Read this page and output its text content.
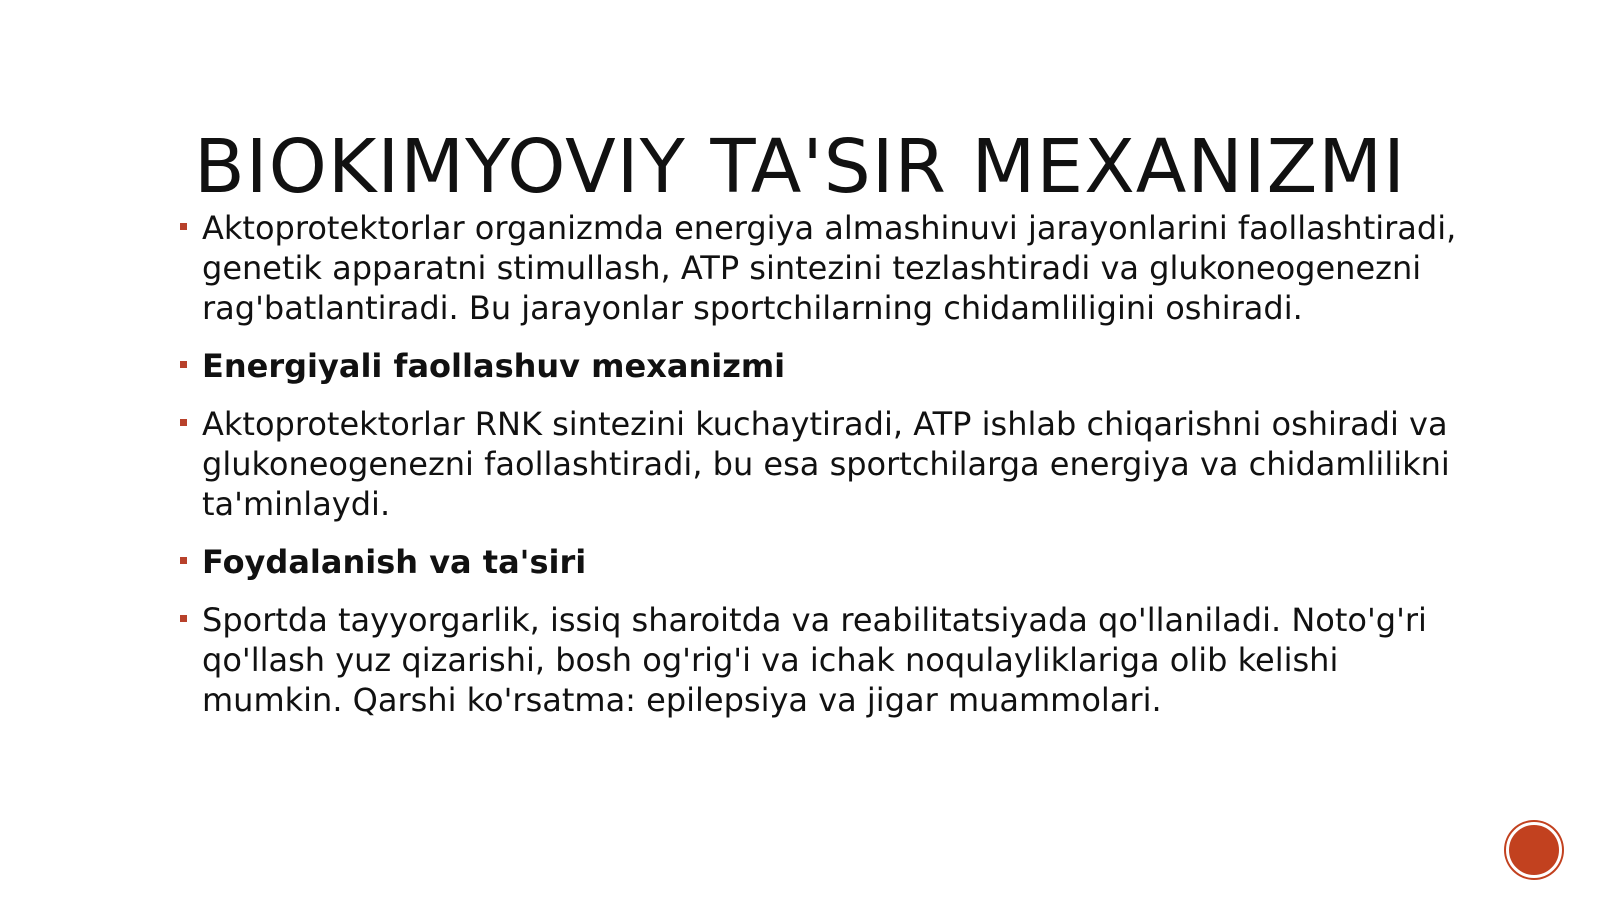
BIOKIMYOVIY TA'SIR MEXANIZMI
Aktoprotektorlar organizmda energiya almashinuvi jarayonlarini faollashtiradi, genetik apparatni stimullash, ATP sintezini tezlashtiradi va glukoneogenezni rag'batlantiradi. Bu jarayonlar sportchilarning chidamliligini oshiradi.
Energiyali faollashuv mexanizmi
Aktoprotektorlar RNK sintezini kuchaytiradi, ATP ishlab chiqarishni oshiradi va glukoneogenezni faollashtiradi, bu esa sportchilarga energiya va chidamlilikni ta'minlaydi.
Foydalanish va ta'siri
Sportda tayyorgarlik, issiq sharoitda va reabilitatsiyada qo'llaniladi. Noto'g'ri qo'llash yuz qizarishi, bosh og'rig'i va ichak noqulayliklariga olib kelishi mumkin. Qarshi ko'rsatma: epilepsiya va jigar muammolari.
